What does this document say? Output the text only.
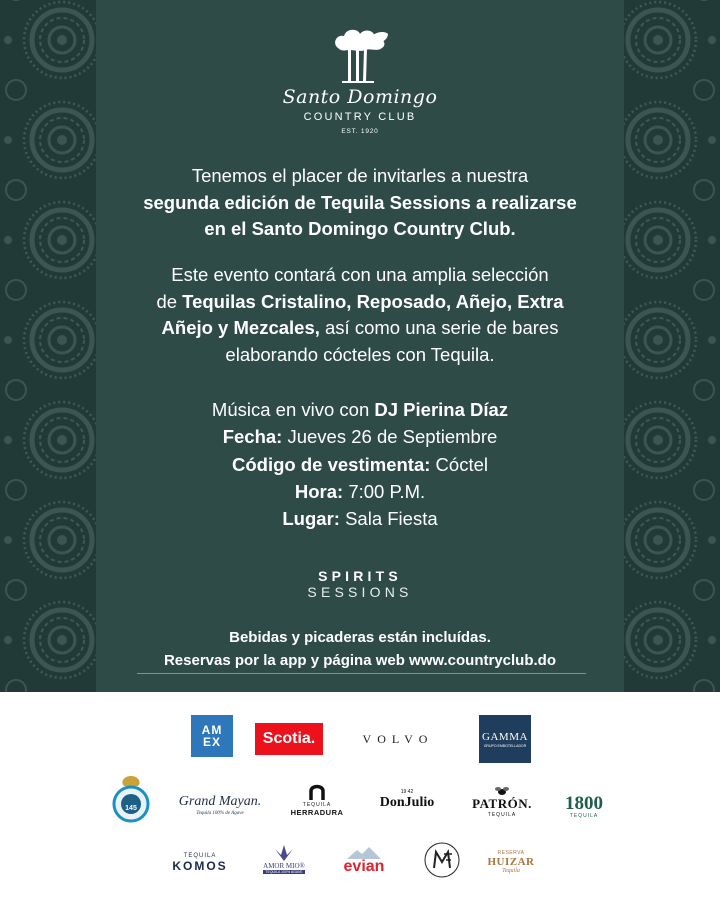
Santo Domingo
COUNTRY CLUB
EST. 1920
Tenemos el placer de invitarles a nuestra
segunda edición de Tequila Sessions a realizarse
en el Santo Domingo Country Club.
Este evento contará con una amplia selección
de Tequilas Cristalino, Reposado, Añejo, Extra
Añejo y Mezcales, así como una serie de bares
elaborando cócteles con Tequila.
Música en vivo con DJ Pierina Díaz
Fecha: Jueves 26 de Septiembre
Código de vestimenta: Cóctel
Hora: 7:00 P.M.
Lugar: Sala Fiesta
SPIRITS
SESSIONS
Bebidas y picaderas están incluídas.
Reservas por la app y página web www.countryclub.do
AM EX	Scotia.	VOLVO	GAMMA
GRUPO EMBOTELLADOR
145	Grand Mayan.
Tequila 100% de Agave
TEQUILA
HERRADURA
19 42
DonJulio	PATRÓN.
TEQUILA
1800
TEQUILA
TEQUILA
KOMOS	AMOR MIO®
TEQUILA 100% AGAVE	evian
RESERVA
HUIZAR
Tequila
